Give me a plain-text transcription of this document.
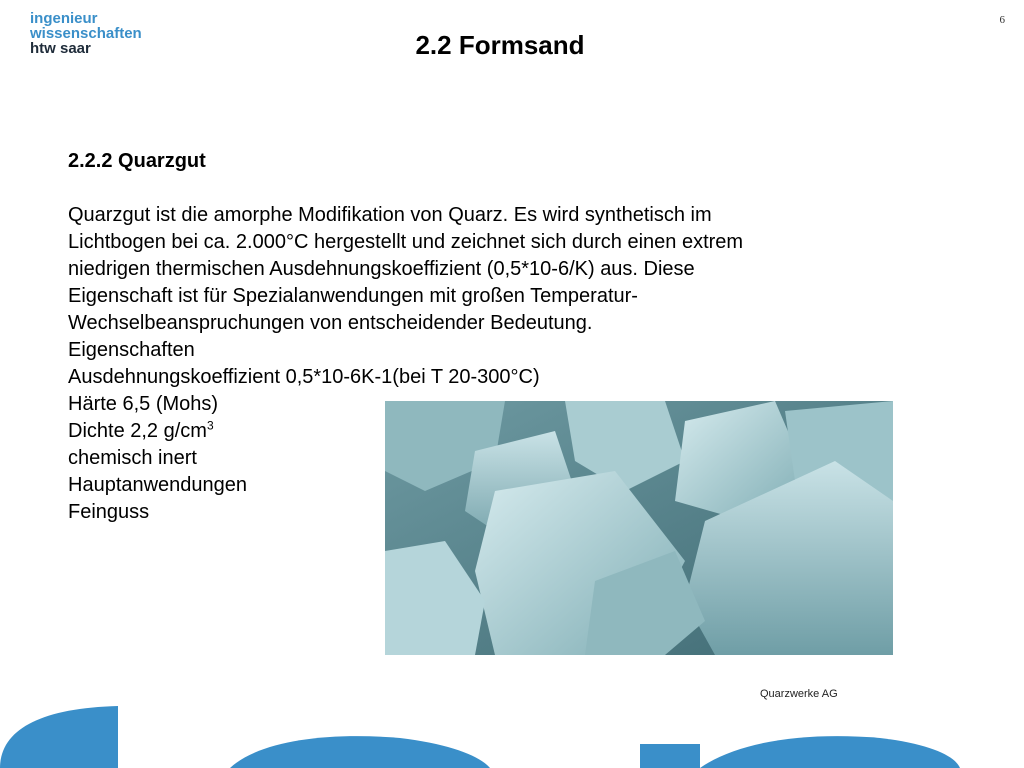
ingenieur
wissenschaften
htw saar
6
2.2 Formsand
2.2.2 Quarzgut
Quarzgut ist die amorphe Modifikation von Quarz. Es wird synthetisch im
Lichtbogen bei ca. 2.000°C hergestellt und zeichnet sich durch einen extrem
niedrigen thermischen Ausdehnungskoeffizient (0,5*10-6/K) aus. Diese
Eigenschaft ist für Spezialanwendungen mit großen Temperatur-
Wechselbeanspruchungen von entscheidender Bedeutung.
Eigenschaften
Ausdehnungskoeffizient 0,5*10-6K-1(bei T 20-300°C)
Härte 6,5 (Mohs)
Dichte 2,2 $g/cm^3$
chemisch inert
Hauptanwendungen
Feinguss
Quarzwerke AG
